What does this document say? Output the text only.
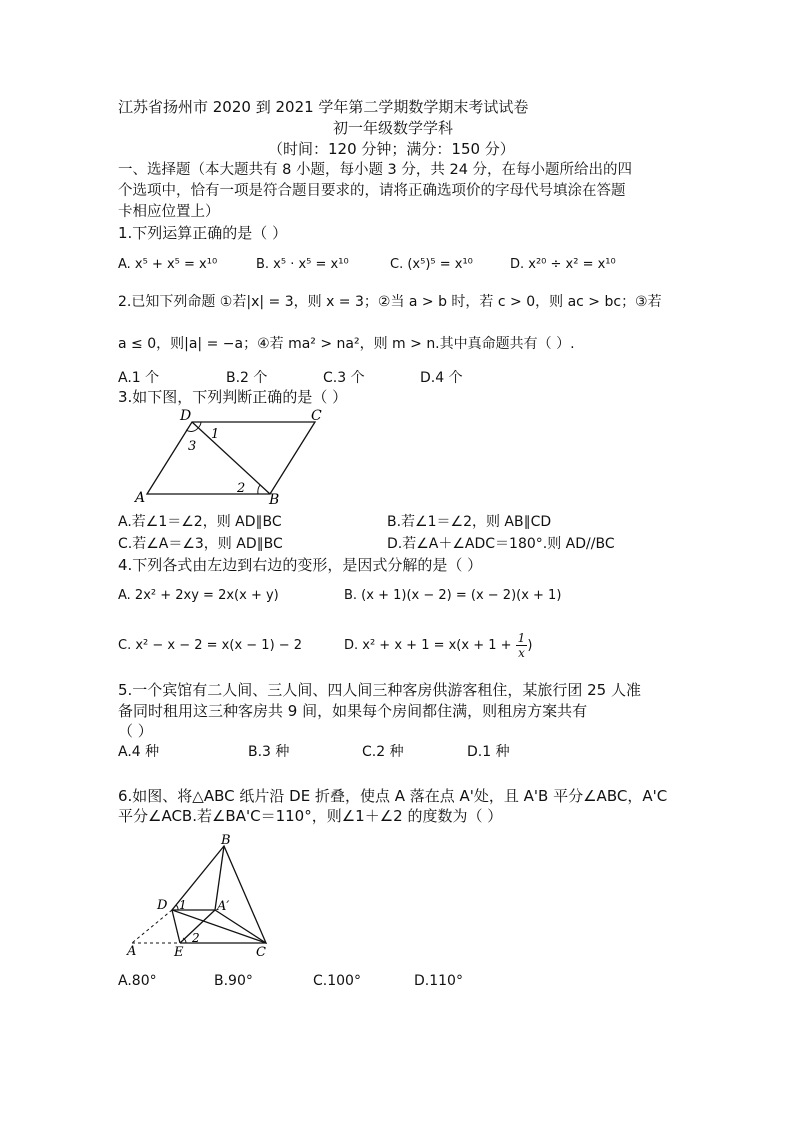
江苏省扬州市 2020 到 2021 学年第二学期数学期末考试试卷
初一年级数学学科
（时间：120 分钟；满分：150 分）
一、选择题（本大题共有 8 小题，每小题 3 分，共 24 分，在每小题所给出的四
个选项中，恰有一项是符合题目要求的，请将正确选项价的字母代号填涂在答题
卡相应位置上）
1.下列运算正确的是（ ）
A. x⁵ + x⁵ = x¹⁰	B. x⁵ · x⁵ = x¹⁰	C. (x⁵)⁵ = x¹⁰	D. x²⁰ ÷ x² = x¹⁰
2.已知下列命题 ①若|x| = 3，则 x = 3；②当 a > b 时，若 c > 0，则 ac > bc；③若
a ≤ 0，则|a| = −a；④若 ma² > na²，则 m > n.其中真命题共有（ ）.
A.1 个	B.2 个	C.3 个	D.4 个
3.如下图，下列判断正确的是（ ）
D	C
A	B
1
3
2
A.若∠1＝∠2，则 AD∥BC	B.若∠1＝∠2，则 AB∥CD
C.若∠A＝∠3，则 AD∥BC	D.若∠A＋∠ADC＝180°.则 AD//BC
4.下列各式由左边到右边的变形，是因式分解的是（ ）
A. 2x² + 2xy = 2x(x + y)	B. (x + 1)(x − 2) = (x − 2)(x + 1)
C. x² − x − 2 = x(x − 1) − 2	D. $x^2 + x + 1 = x(x + 1 + \frac{1}{x}$ )
5.一个宾馆有二人间、三人间、四人间三种客房供游客租住，某旅行团 25 人准
备同时租用这三种客房共 9 间，如果每个房间都住满，则租房方案共有
（ ）
A.4 种	B.3 种	C.2 种	D.1 种
6.如图、将△ABC 纸片沿 DE 折叠，使点 A 落在点 A'处，且 A'B 平分∠ABC，A'C
平分∠ACB.若∠BA'C＝110°，则∠1＋∠2 的度数为（ ）
B
D	A′
A	E	C
1
2
A.80°	B.90°	C.100°	D.110°
